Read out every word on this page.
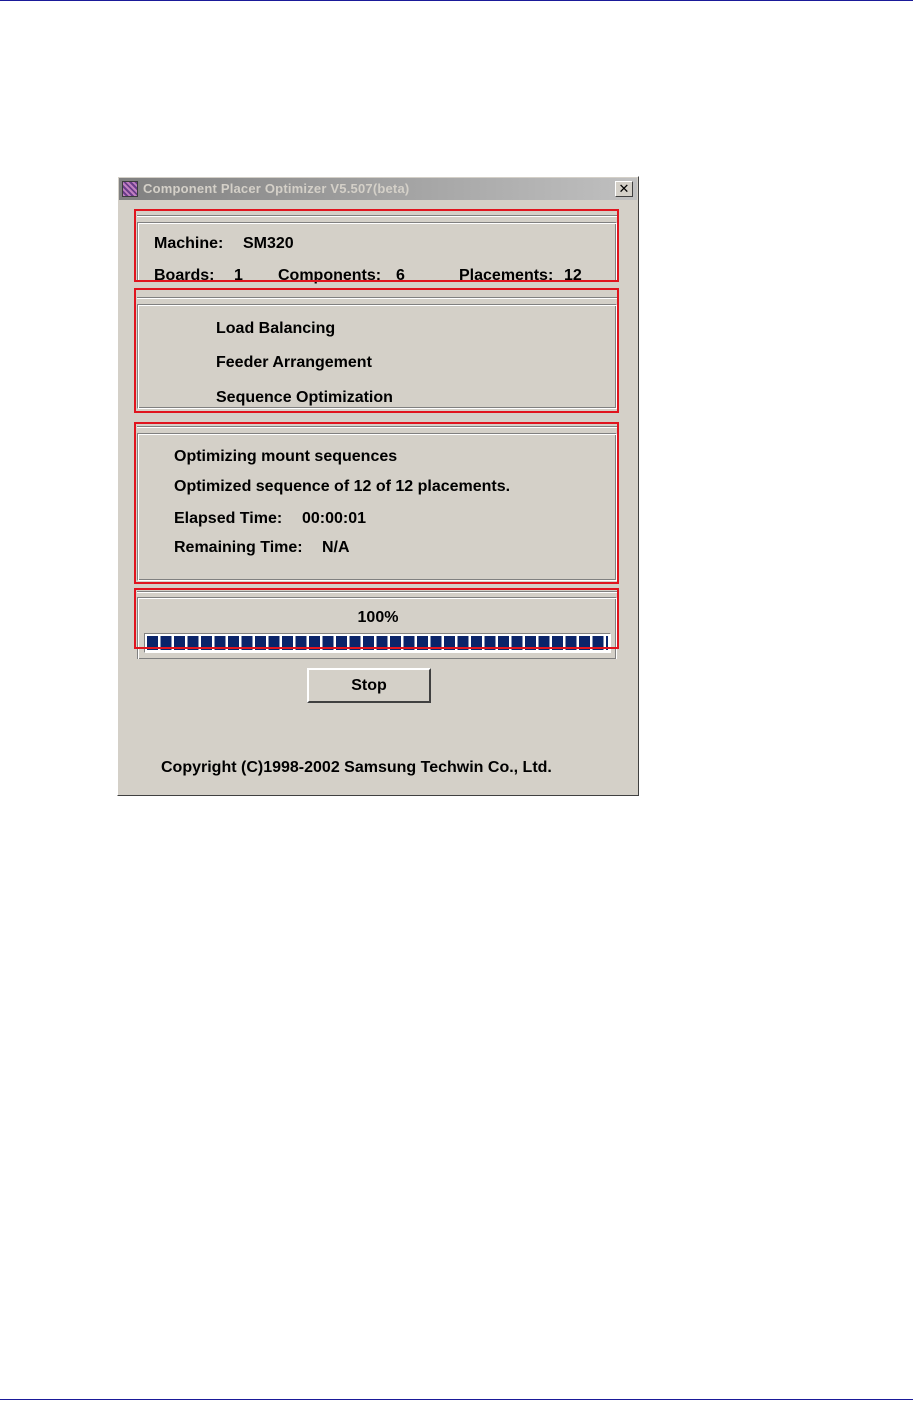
Component Placer Optimizer V5.507(beta)	✕
Machine: SM320
Boards: 1 Components: 6	Placements: 12
Load Balancing
Feeder Arrangement
Sequence Optimization
Optimizing mount sequences
Optimized sequence of 12 of 12 placements.
Elapsed Time: 00:00:01
Remaining Time: N/A
100%
Stop
Copyright (C)1998-2002 Samsung Techwin Co., Ltd.
